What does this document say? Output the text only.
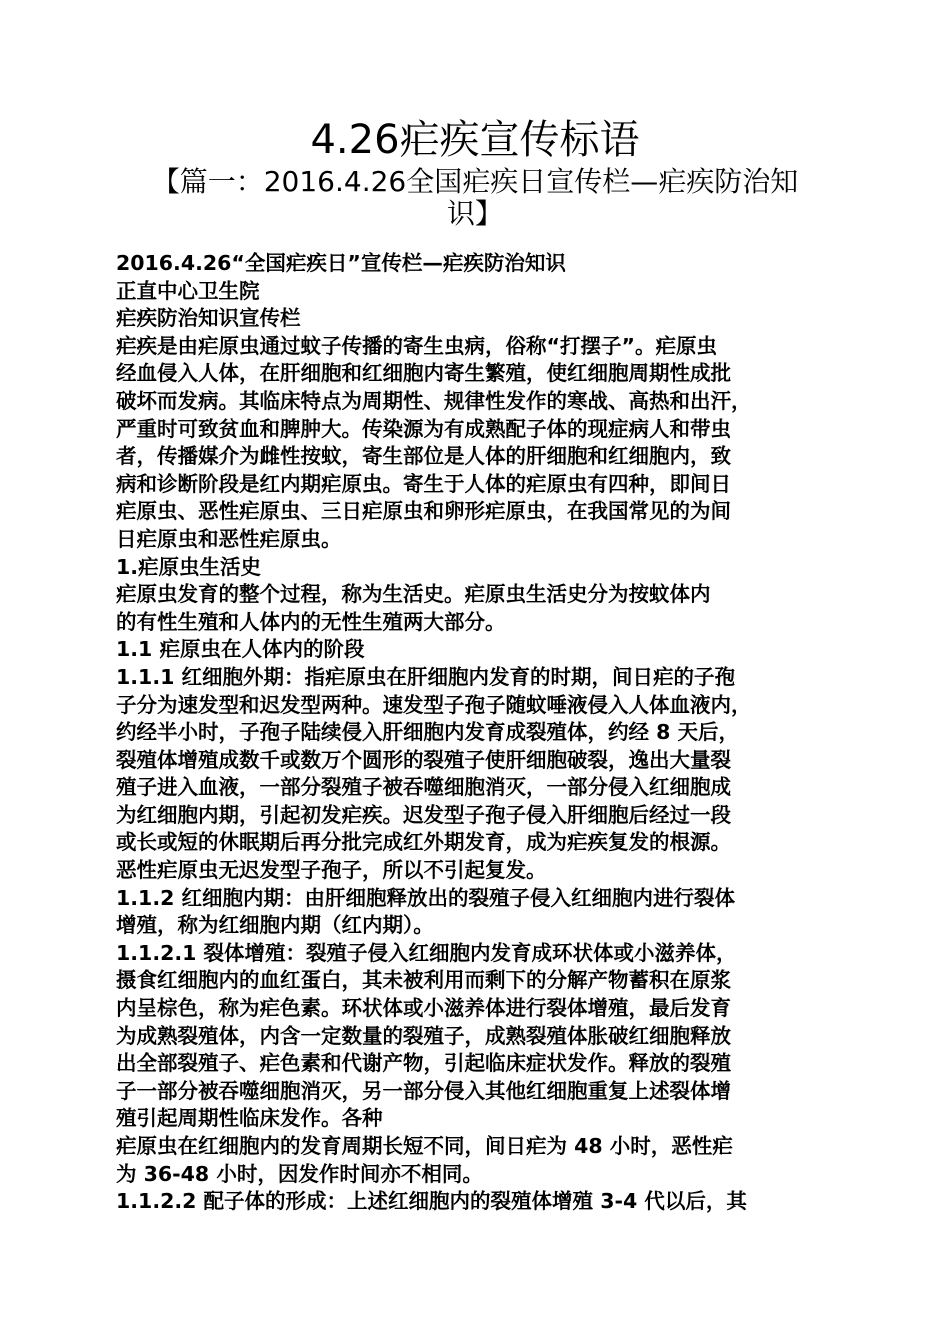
4.26疟疾宣传标语
【篇一：2016.4.26全国疟疾日宣传栏—疟疾防治知
识】

2016.4.26“全国疟疾日”宣传栏—疟疾防治知识

正直中心卫生院

疟疾防治知识宣传栏

疟疾是由疟原虫通过蚊子传播的寄生虫病，俗称“打摆子”。疟原虫

经血侵入人体，在肝细胞和红细胞内寄生繁殖，使红细胞周期性成批

破坏而发病。其临床特点为周期性、规律性发作的寒战、高热和出汗，

严重时可致贫血和脾肿大。传染源为有成熟配子体的现症病人和带虫

者，传播媒介为雌性按蚊，寄生部位是人体的肝细胞和红细胞内，致

病和诊断阶段是红内期疟原虫。寄生于人体的疟原虫有四种，即间日

疟原虫、恶性疟原虫、三日疟原虫和卵形疟原虫，在我国常见的为间

日疟原虫和恶性疟原虫。

1.疟原虫生活史

疟原虫发育的整个过程，称为生活史。疟原虫生活史分为按蚊体内

的有性生殖和人体内的无性生殖两大部分。

1.1 疟原虫在人体内的阶段

1.1.1 红细胞外期：指疟原虫在肝细胞内发育的时期，间日疟的子孢

子分为速发型和迟发型两种。速发型子孢子随蚊唾液侵入人体血液内，

约经半小时，子孢子陆续侵入肝细胞内发育成裂殖体，约经 8 天后，

裂殖体增殖成数千或数万个圆形的裂殖子使肝细胞破裂，逸出大量裂

殖子进入血液，一部分裂殖子被吞噬细胞消灭，一部分侵入红细胞成

为红细胞内期，引起初发疟疾。迟发型子孢子侵入肝细胞后经过一段

或长或短的休眠期后再分批完成红外期发育，成为疟疾复发的根源。

恶性疟原虫无迟发型子孢子，所以不引起复发。

1.1.2 红细胞内期：由肝细胞释放出的裂殖子侵入红细胞内进行裂体

增殖，称为红细胞内期（红内期）。

1.1.2.1 裂体增殖：裂殖子侵入红细胞内发育成环状体或小滋养体，

摄食红细胞内的血红蛋白，其未被利用而剩下的分解产物蓄积在原浆

内呈棕色，称为疟色素。环状体或小滋养体进行裂体增殖，最后发育

为成熟裂殖体，内含一定数量的裂殖子，成熟裂殖体胀破红细胞释放

出全部裂殖子、疟色素和代谢产物，引起临床症状发作。释放的裂殖

子一部分被吞噬细胞消灭，另一部分侵入其他红细胞重复上述裂体增

殖引起周期性临床发作。各种

疟原虫在红细胞内的发育周期长短不同，间日疟为 48 小时，恶性疟

为 36-48 小时，因发作时间亦不相同。

1.1.2.2 配子体的形成：上述红细胞内的裂殖体增殖 3-4 代以后，其
